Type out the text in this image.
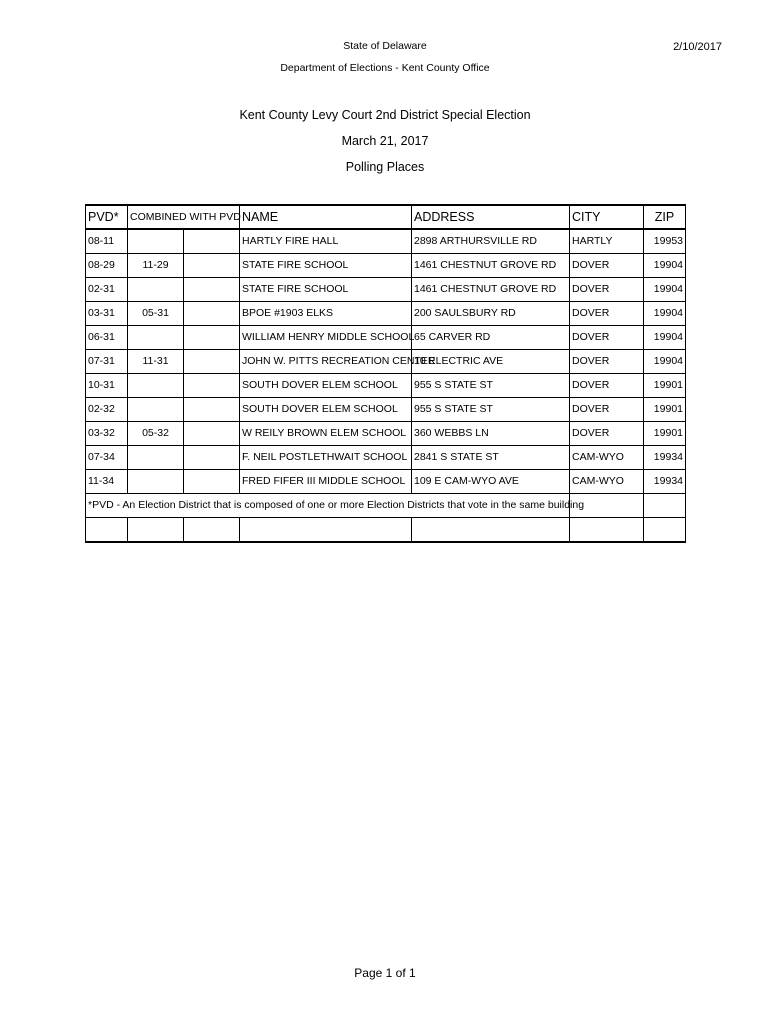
State of Delaware
Department of Elections - Kent County Office
2/10/2017
Kent County Levy Court 2nd District Special Election
March 21, 2017
Polling Places
PVD*	COMBINED WITH PVD		NAME	ADDRESS	CITY	ZIP
08-11			HARTLY FIRE HALL	2898 ARTHURSVILLE RD	HARTLY	19953
08-29	11-29		STATE FIRE SCHOOL	1461 CHESTNUT GROVE RD	DOVER	19904
02-31			STATE FIRE SCHOOL	1461 CHESTNUT GROVE RD	DOVER	19904
03-31	05-31		BPOE #1903 ELKS	200 SAULSBURY RD	DOVER	19904
06-31			WILLIAM HENRY MIDDLE SCHOOL	65 CARVER RD	DOVER	19904
07-31	11-31		JOHN W. PITTS RECREATION CENTER	10 ELECTRIC AVE	DOVER	19904
10-31			SOUTH DOVER ELEM SCHOOL	955 S STATE ST	DOVER	19901
02-32			SOUTH DOVER ELEM SCHOOL	955 S STATE ST	DOVER	19901
03-32	05-32		W REILY BROWN ELEM SCHOOL	360 WEBBS LN	DOVER	19901
07-34			F. NEIL POSTLETHWAIT SCHOOL	2841 S STATE ST	CAM-WYO	19934
11-34			FRED FIFER III MIDDLE SCHOOL	109 E CAM-WYO AVE	CAM-WYO	19934
*PVD - An Election District that is composed of one or more Election Districts that vote in the same building						

Page 1 of 1
